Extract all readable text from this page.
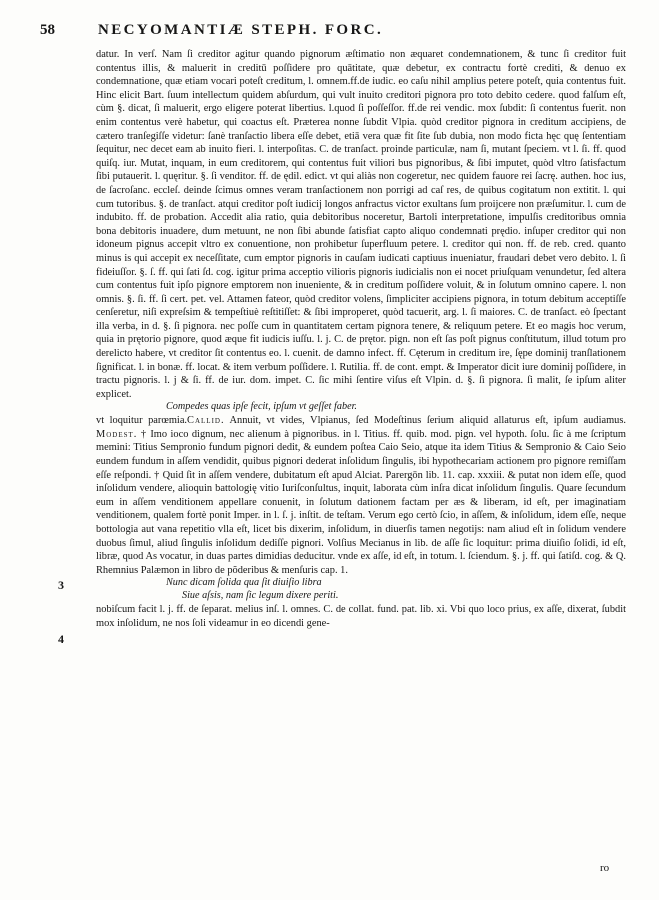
58	NECYOMANTIÆ STEPH. FORC.
3
4

datur. In verſ. Nam ſi creditor agitur quando pignorum æſtimatio non æquaret condemnationem, & tunc ſi creditor fuit contentus illis, & maluerit in creditū poſſidere pro quātitate, quæ debetur, ex contractu fortè crediti, & denuo ex condemnatione, quæ etiam vocari poteſt creditum, l. omnem.ff.de iudic. eo caſu nihil amplius petere poteſt, quia contentus fuit. Hinc elicit Bart. ſuum intellectum quidem abſurdum, qui vult inuito creditori pignora pro toto debito cedere. quod falſum eſt, cùm §. dicat, ſi maluerit, ergo eligere poterat libertius. l.quod ſi poſſeſſor. ff.de rei vendic. mox ſubdit: ſi contentus fuerit. non enim contentus verè habetur, qui coactus eſt. Præterea nonne ſubdit Vlpia. quòd creditor pignora in creditum accipiens, de cætero tranſegiſſe videtur: ſanè tranſactio libera eſſe debet, etiā vera quæ fit ſite ſub dubia, non modo ficta hęc quę ſententiam ſequitur, nec decet eam ab inuito fieri. l. interpoſitas. C. de tranſact. proinde particulæ, nam ſi, mutant ſpeciem. vt l. ſi. ff. quod quiſq. iur. Mutat, inquam, in eum creditorem, qui contentus fuit viliori bus pignoribus, & ſibi imputet, quòd vltro ſatisfactum ſibi putauerit. l. quęritur. §. ſi venditor. ff. de ędil. edict. vt qui aliàs non cogeretur, nec quidem fauore rei ſacrę. authen. hoc ius, de ſacroſanc. eccleſ. deinde ſcimus omnes veram tranſactionem non porrigi ad caſ res, de quibus cogitatum non extitit. l. qui cum tutoribus. §. de tranſact. atqui creditor poſt iudicij longos anfractus victor exultans ſum proijcere non præſumitur. l. cum de indubito. ff. de probation. Accedit alia ratio, quia debitoribus noceretur, Bartoli interpretatione, impulſis creditoribus omnia bona debitoris inuadere, dum metuunt, ne non ſibi abunde ſatisfiat capto aliquo condemnati prędio. inſuper creditor qui non idoneum pignus accepit vltro ex conuentione, non prohibetur ſuperfluum petere. l. creditor qui non. ff. de reb. cred. quanto minus is qui accepit ex neceſſitate, cum emptor pignoris in cauſam iudicati captiuus inueniatur, fraudari debet vero debito. l. ſi fideiuſſor. §. ſ. ff. qui ſati ſd. cog. igitur prima acceptio vilioris pignoris iudicialis non ei nocet priuſquam venundetur, ſed altera cum contentus fuit ipſo pignore emptorem non inueniente, & in creditum poſſidere voluit, & in ſolutum omnino capere. l. non omnis. §. ſi. ff. ſi cert. pet. vel. Attamen fateor, quòd creditor volens, ſimpliciter accipiens pignora, in totum debitum acceptiſſe cenſeretur, niſi expreſsim & tempeſtiuè reſtitiſſet: & ſibi improperet, quòd tacuerit, arg. l. ſi maiores. C. de tranſact. eò ſpectant illa verba, in d. §. ſi pignora. nec poſſe cum in quantitatem certam pignora tenere, & reliquum petere. Et eo magis hoc verum, quia in prętorio pignore, quod æque fit iudicis iuſſu. l. j. C. de prętor. pign. non eſt ſas poſt pignus conſtitutum, illud totum pro derelicto habere, vt creditor ſit contentus eo. l. cuenit. de damno infect. ff. Cęterum in creditum ire, ſępe dominij tranſlationem ſignificat. l. in bonæ. ff. locat. & item verbum poſſidere. l. Rutilia. ff. de cont. empt. & Imperator dicit iure dominij poſſidere, in tractu pignoris. l. j & ſi. ff. de iur. dom. impet. C. ſic mihi ſentire viſus eſt Vlpin. d. §. ſi pignora. ſi malit, ſe ipſum aliter explicet.

Compedes quas ipſe fecit, ipſum vt geſſet faber.

vt loquitur parœmia.Callid. Annuit, vt vides, Vlpianus, ſed Modeſtinus ſerium aliquid allaturus eſt, ipſum audiamus. Modest. † Imo ioco dignum, nec alienum à pignoribus. in l. Titius. ff. quib. mod. pign. vel hypoth. ſolu. ſic à me ſcriptum memini: Titius Sempronio fundum pignori dedit, & eundem poſtea Caio Seio, atque ita idem Titius & Sempronio & Caio Seio eundem fundum in aſſem vendidit, quibus pignori dederat inſolidum ſingulis, ibi hypothecariam actionem pro pignore remiſſam eſſe reſpondi. † Quid ſit in aſſem vendere, dubitatum eſt apud Alciat. Parergōn lib. 11. cap. xxxiii. & putat non idem eſſe, quod inſolidum vendere, alioquin battologię vitio Iuriſconſultus, inquit, laborata cùm inſra dicat inſolidum ſingulis. Quare ſecundum eum in aſſem venditionem appellare conuenit, in ſolutum dationem factam per æs & liberam, id eſt, per imaginatiam venditionem, qualem fortè ponit Imper. in l. ſ. j. inſtit. de teſtam. Verum ego certò ſcio, in aſſem, & inſolidum, idem eſſe, neque bottologia aut vana repetitio vlla eſt, licet bis dixerim, inſolidum, in diuerſis tamen negotijs: nam aliud eſt in ſolidum vendere duobus ſimul, aliud ſingulis inſolidum dediſſe pignori. Volſius Mecianus in lib. de aſſe ſic loquitur: prima diuiſio ſolidi, id eſt, libræ, quod As vocatur, in duas partes dimidias deducitur. vnde ex aſſe, id eſt, in totum. l. ſciendum. §. j. ff. qui ſatiſd. cog. & Q. Rhemnius Palæmon in libro de põderibus & menſuris cap. 1.

Nunc dicam ſolida qua ſit diuiſio libra

Siue aſsis, nam ſic legum dixere periti.

nobiſcum facit l. j. ff. de ſeparat. melius inſ. l. omnes. C. de collat. fund. pat. lib. xi. Vbi quo loco prius, ex aſſe, dixerat, ſubdit mox inſolidum, ne nos ſoli videamur in eo dicendi gene-

ro
